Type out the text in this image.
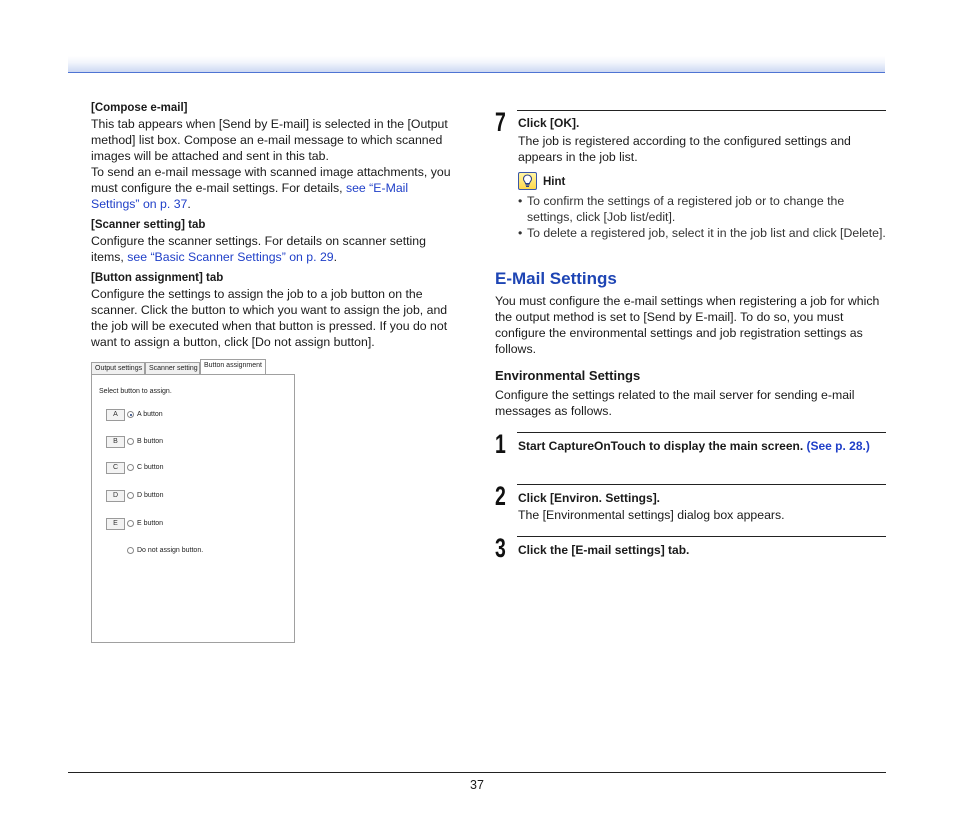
[Compose e-mail]

This tab appears when [Send by E-mail] is selected in the [Output method] list box. Compose an e-mail message to which scanned images will be attached and sent in this tab.

To send an e-mail message with scanned image attachments, you must configure the e-mail settings. For details, see “E-Mail Settings” on p. 37.

[Scanner setting] tab

Configure the scanner settings. For details on scanner setting items, see “Basic Scanner Settings” on p. 29.

[Button assignment] tab

Configure the settings to assign the job to a job button on the scanner. Click the button to which you want to assign the job, and the job will be executed when that button is pressed. If you do not want to assign a button, click [Do not assign button].

Output settings Scanner setting Button assignment
Select button to assign.
A	A button
B	B button
C	C button
D	D button
E	E button
Do not assign button.
7 Click [OK].
The job is registered according to the configured settings and appears in the job list.
Hint
• To confirm the settings of a registered job or to change the settings, click [Job list/edit].
• To delete a registered job, select it in the job list and click [Delete].
E-Mail Settings
You must configure the e-mail settings when registering a job for which the output method is set to [Send by E-mail]. To do so, you must configure the environmental settings and job registration settings as follows.
Environmental Settings
Configure the settings related to the mail server for sending e-mail messages as follows.
1 Start CaptureOnTouch to display the main screen. (See p. 28.)
2 Click [Environ. Settings].
The [Environmental settings] dialog box appears.
3 Click the [E-mail settings] tab.
37
